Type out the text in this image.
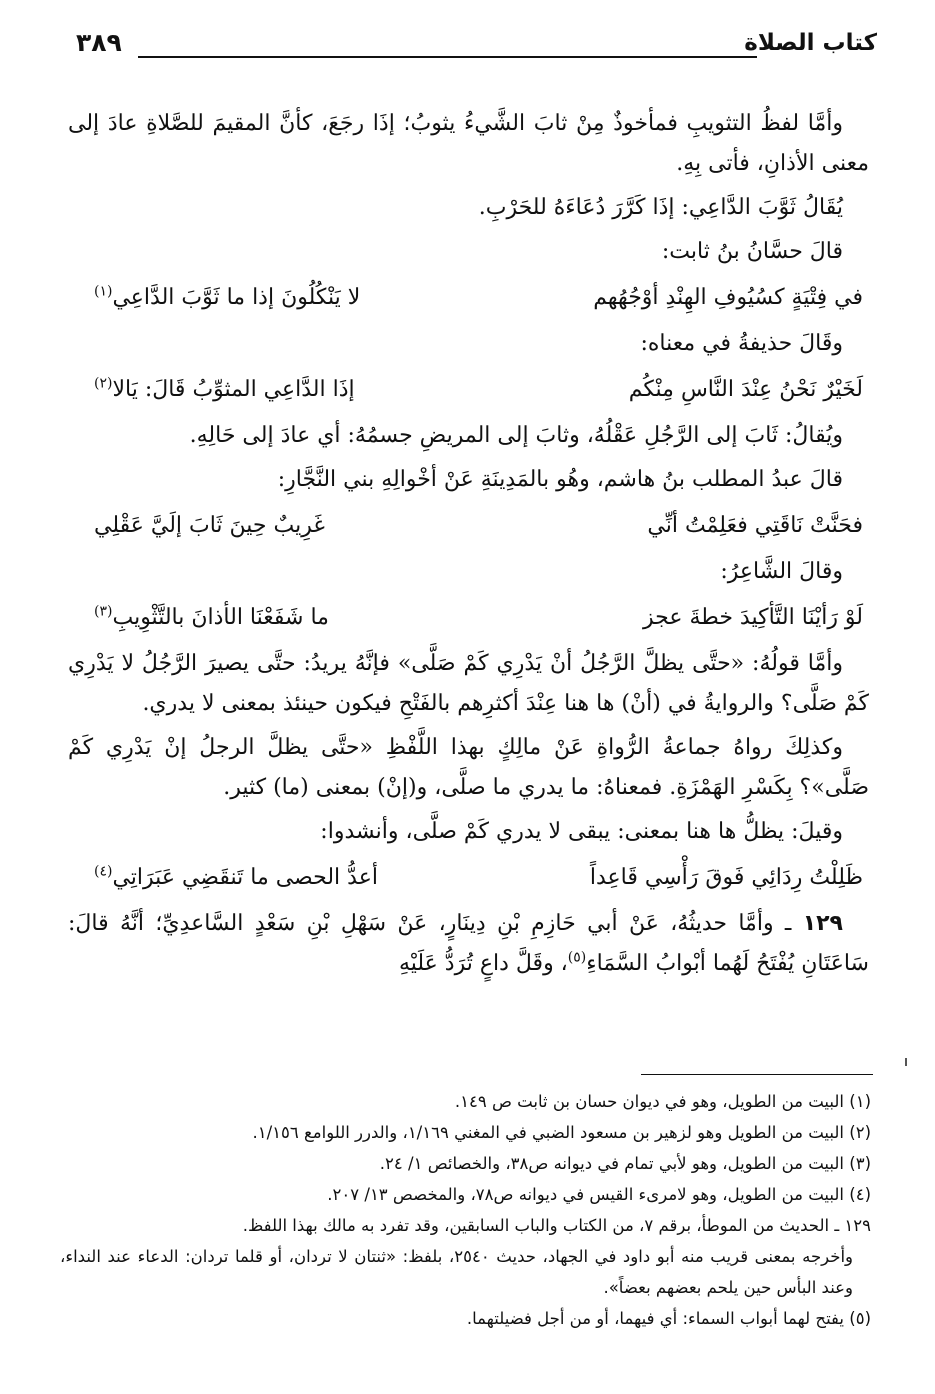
كتاب الصلاة
٣٨٩

وأمَّا لفظُ التثويبِ فمأخوذٌ مِنْ ثابَ الشَّيءُ يثوبُ؛ إذَا رجَعَ، كأنَّ المقيمَ للصَّلاةِ عادَ إلى معنى الأذانِ، فأتى بِهِ.

يُقَالُ ثَوَّبَ الدَّاعِي: إذَا كَرَّرَ دُعَاءَهُ للحَرْبِ.

قالَ حسَّانُ بنُ ثابت:

في فِتْيَةٍ كسُيُوفِ الهِنْدِ أوْجُهُهم
لا يَنْكُلُونَ إذا ما ثَوَّبَ الدَّاعِي$^{(١)}$

وقَالَ حذيفةُ في معناه:

لَخَيْرٌ نَحْنُ عِنْدَ النَّاسِ مِنْكُم
إذَا الدَّاعِي المثوِّبُ قَالَ: يَالا$^{(٢)}$

ويُقالُ: ثَابَ إلى الرَّجُلِ عَقْلُهُ، وثابَ إلى المريضِ جسمُهُ: أي عادَ إلى حَالِهِ.

قالَ عبدُ المطلب بنُ هاشم، وهُو بالمَدِينَةِ عَنْ أخْوالِهِ بني النَّجَّارِ:

فحَنَّتْ نَاقَتِي فعَلِمْتُ أنِّي
غَرِيبٌ حِينَ ثَابَ إلَيَّ عَقْلِي

وقالَ الشَّاعِرُ:

لَوْ رَأيْنَا التَّأكِيدَ خطةَ عجز
ما شَفَعْنَا الأذانَ بالتَّثْوِيبِ$^{(٣)}$

وأمَّا قولُهُ: «حتَّى يظلَّ الرَّجُلُ أنْ يَدْرِي كَمْ صَلَّى» فإنَّهُ يريدُ: حتَّى يصيرَ الرَّجُلُ لا يَدْرِي كَمْ صَلَّى؟ والروايةُ في (أنْ) ها هنا عِنْدَ أكثرِهم بالفَتْحِ فيكون حينئذ بمعنى لا يدري.

وكذلِكَ رواهُ جماعةُ الرُّواةِ عَنْ مالِكٍ بهذا اللَّفْظِ «حتَّى يظلَّ الرجلُ إنْ يَدْرِي كَمْ صَلَّى»؟ بِكَسْرِ الهَمْزَةِ. فمعناهُ: ما يدري ما صلَّى، و(إنْ) بمعنى (ما) كثير.

وقيلَ: يظلُّ ها هنا بمعنى: يبقى لا يدري كَمْ صلَّى، وأنشدوا:

ظَلِلْتُ رِدَائِي فَوقَ رَأْسِي قَاعِداً
أعدُّ الحصى ما تَنقَضِي عَبَرَاتِي$^{(٤)}$

١٢٩ ـ وأمَّا حديثُهُ، عَنْ أبي حَازِمِ بْنِ دِينَارٍ، عَنْ سَهْلِ بْنِ سَعْدٍ السَّاعدِيِّ؛ أنَّهُ قالَ: سَاعَتَانِ يُفْتَحُ لَهُما أبْوابُ السَّمَاءِ$^{(٥)}$، وقَلَّ داعٍ تُرَدُّ عَلَيْهِ

(١) البيت من الطويل، وهو في ديوان حسان بن ثابت ص ١٤٩.

(٢) البيت من الطويل وهو لزهير بن مسعود الضبي في المغني ١/١٦٩، والدرر اللوامع ١/١٥٦.

(٣) البيت من الطويل، وهو لأبي تمام في ديوانه ص٣٨، والخصائص ١/ ٢٤.

(٤) البيت من الطويل، وهو لامرىء القيس في ديوانه ص٧٨، والمخصص ١٣/ ٢٠٧.

١٢٩ ـ الحديث من الموطأ، برقم ٧، من الكتاب والباب السابقين، وقد تفرد به مالك بهذا اللفظ.

وأخرجه بمعنى قريب منه أبو داود في الجهاد، حديث ٢٥٤٠، بلفظ: «ثنتان لا تردان، أو قلما تردان: الدعاء عند النداء، وعند البأس حين يلحم بعضهم بعضاً».

(٥) يفتح لهما أبواب السماء: أي فيهما، أو من أجل فضيلتهما.
